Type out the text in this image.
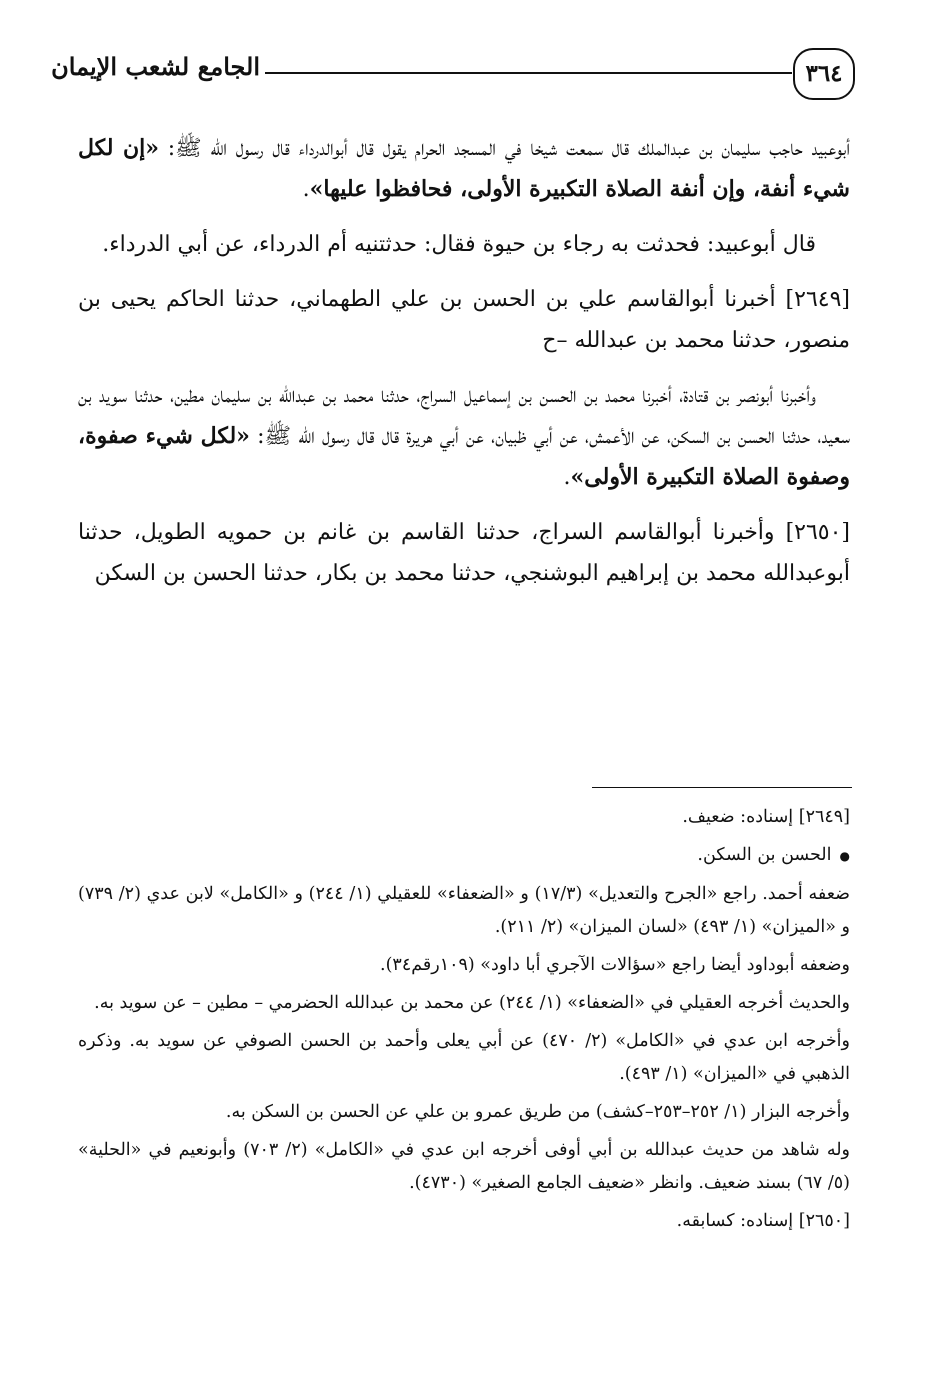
الجامع لشعب الإيمان	٣٦٤

أبوعبيد حاجب سليمان بن عبدالملك قال سمعت شيخا في المسجد الحرام يقول قال أبوالدرداء قال رسول الله ﷺ: «إن لكل شيء أنفة، وإن أنفة الصلاة التكبيرة الأولى، فحافظوا عليها».

قال أبوعبيد: فحدثت به رجاء بن حيوة فقال: حدثتنيه أم الدرداء، عن أبي الدرداء.

[٢٦٤٩] أخبرنا أبوالقاسم علي بن الحسن بن علي الطهماني، حدثنا الحاكم يحيى بن منصور، حدثنا محمد بن عبدالله –ح

وأخبرنا أبونصر بن قتادة، أخبرنا محمد بن الحسن بن إسماعيل السراج، حدثنا محمد بن عبدالله بن سليمان مطين، حدثنا سويد بن سعيد، حدثنا الحسن بن السكن، عن الأعمش، عن أبي ظبيان، عن أبي هريرة قال قال رسول الله ﷺ: «لكل شيء صفوة، وصفوة الصلاة التكبيرة الأولى».

[٢٦٥٠] وأخبرنا أبوالقاسم السراج، حدثنا القاسم بن غانم بن حمويه الطويل، حدثنا أبوعبدالله محمد بن إبراهيم البوشنجي، حدثنا محمد بن بكار، حدثنا الحسن بن السكن

[٢٦٤٩] إسناده: ضعيف.

● الحسن بن السكن.

ضعفه أحمد. راجع «الجرح والتعديل» (١٧/٣) و «الضعفاء» للعقيلي (١/ ٢٤٤) و «الكامل» لابن عدي (٢/ ٧٣٩) و «الميزان» (١/ ٤٩٣) «لسان الميزان» (٢/ ٢١١).

وضعفه أبوداود أيضا راجع «سؤالات الآجري أبا داود» (١٠٩رقم٣٤).

والحديث أخرجه العقيلي في «الضعفاء» (١/ ٢٤٤) عن محمد بن عبدالله الحضرمي – مطين – عن سويد به.

وأخرجه ابن عدي في «الكامل» (٢/ ٤٧٠) عن أبي يعلى وأحمد بن الحسن الصوفي عن سويد به. وذكره الذهبي في «الميزان» (١/ ٤٩٣).

وأخرجه البزار (١/ ٢٥٢–٢٥٣–كشف) من طريق عمرو بن علي عن الحسن بن السكن به.

وله شاهد من حديث عبدالله بن أبي أوفى أخرجه ابن عدي في «الكامل» (٢/ ٧٠٣) وأبونعيم في «الحلية» (٥/ ٦٧) بسند ضعيف. وانظر «ضعيف الجامع الصغير» (٤٧٣٠).

[٢٦٥٠] إسناده: كسابقه.
